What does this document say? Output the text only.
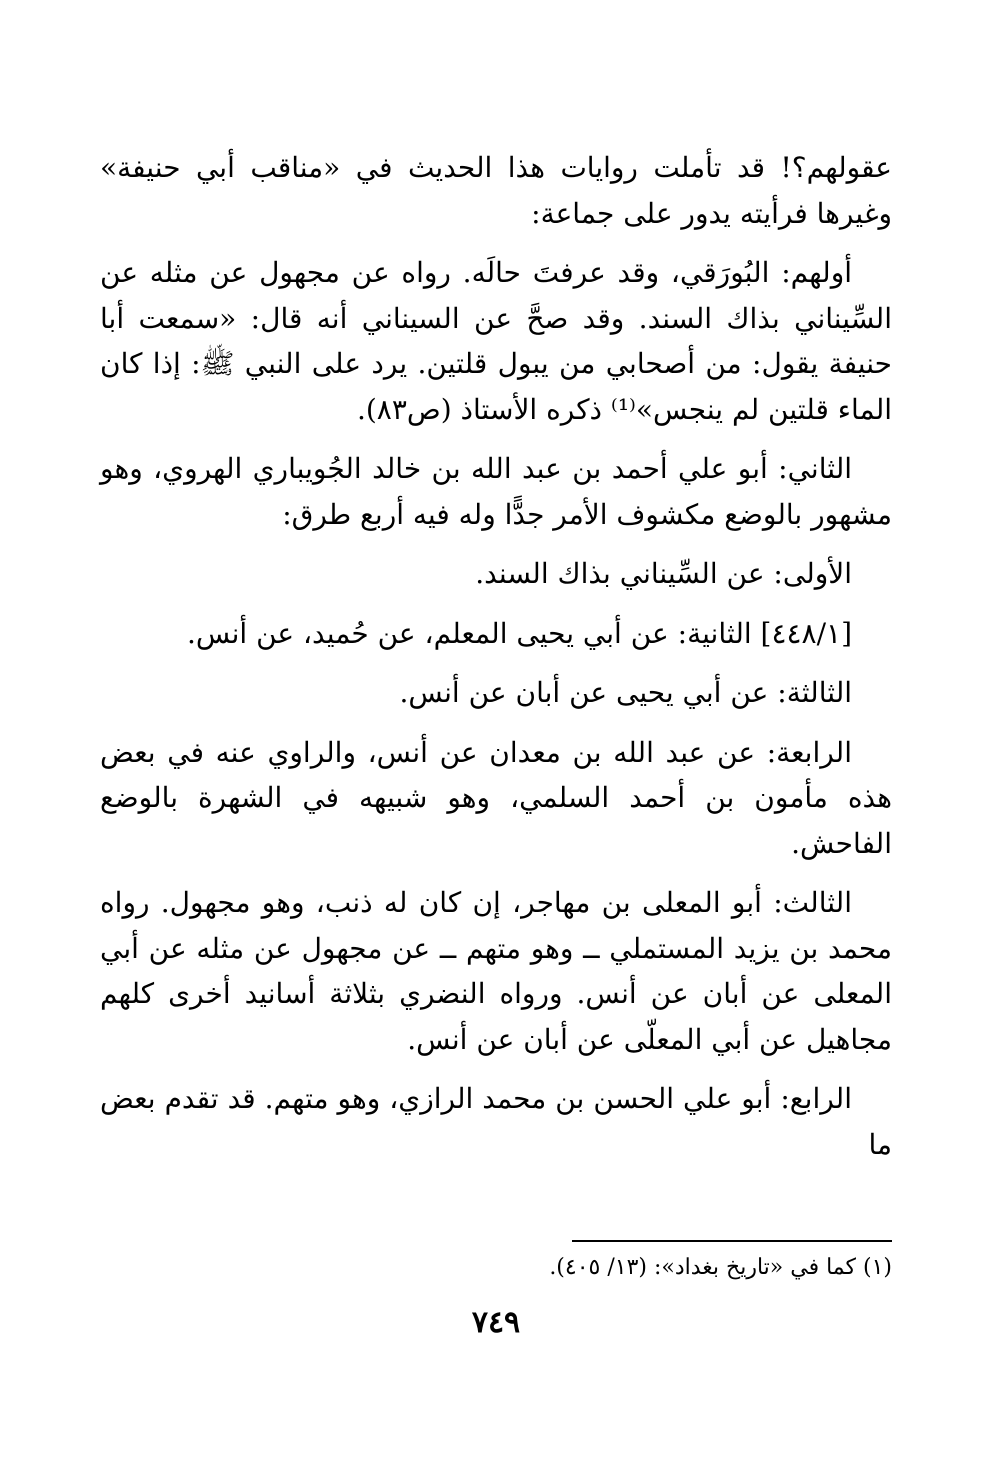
عقولهم؟! قد تأملت روايات هذا الحديث في «مناقب أبي حنيفة» وغيرها فرأيته يدور على جماعة:

أولهم: البُورَقي، وقد عرفتَ حالَه. رواه عن مجهول عن مثله عن السِّيناني بذاك السند. وقد صحَّ عن السيناني أنه قال: «سمعت أبا حنيفة يقول: من أصحابي من يبول قلتين. يرد على النبي ﷺ: إذا كان الماء قلتين لم ينجس»⁽¹⁾ ذكره الأستاذ (ص٨٣).

الثاني: أبو علي أحمد بن عبد الله بن خالد الجُويباري الهروي، وهو مشهور بالوضع مكشوف الأمر جدًّا وله فيه أربع طرق:

الأولى: عن السِّيناني بذاك السند.

[٤٤٨/١] الثانية: عن أبي يحيى المعلم، عن حُميد، عن أنس.

الثالثة: عن أبي يحيى عن أبان عن أنس.

الرابعة: عن عبد الله بن معدان عن أنس، والراوي عنه في بعض هذه مأمون بن أحمد السلمي، وهو شبيهه في الشهرة بالوضع الفاحش.

الثالث: أبو المعلى بن مهاجر، إن كان له ذنب، وهو مجهول. رواه محمد بن يزيد المستملي ــ وهو متهم ــ عن مجهول عن مثله عن أبي المعلى عن أبان عن أنس. ورواه النضري بثلاثة أسانيد أخرى كلهم مجاهيل عن أبي المعلّى عن أبان عن أنس.

الرابع: أبو علي الحسن بن محمد الرازي، وهو متهم. قد تقدم بعض ما

(١) كما في «تاريخ بغداد»: (١٣/ ٤٠٥).
٧٤٩
